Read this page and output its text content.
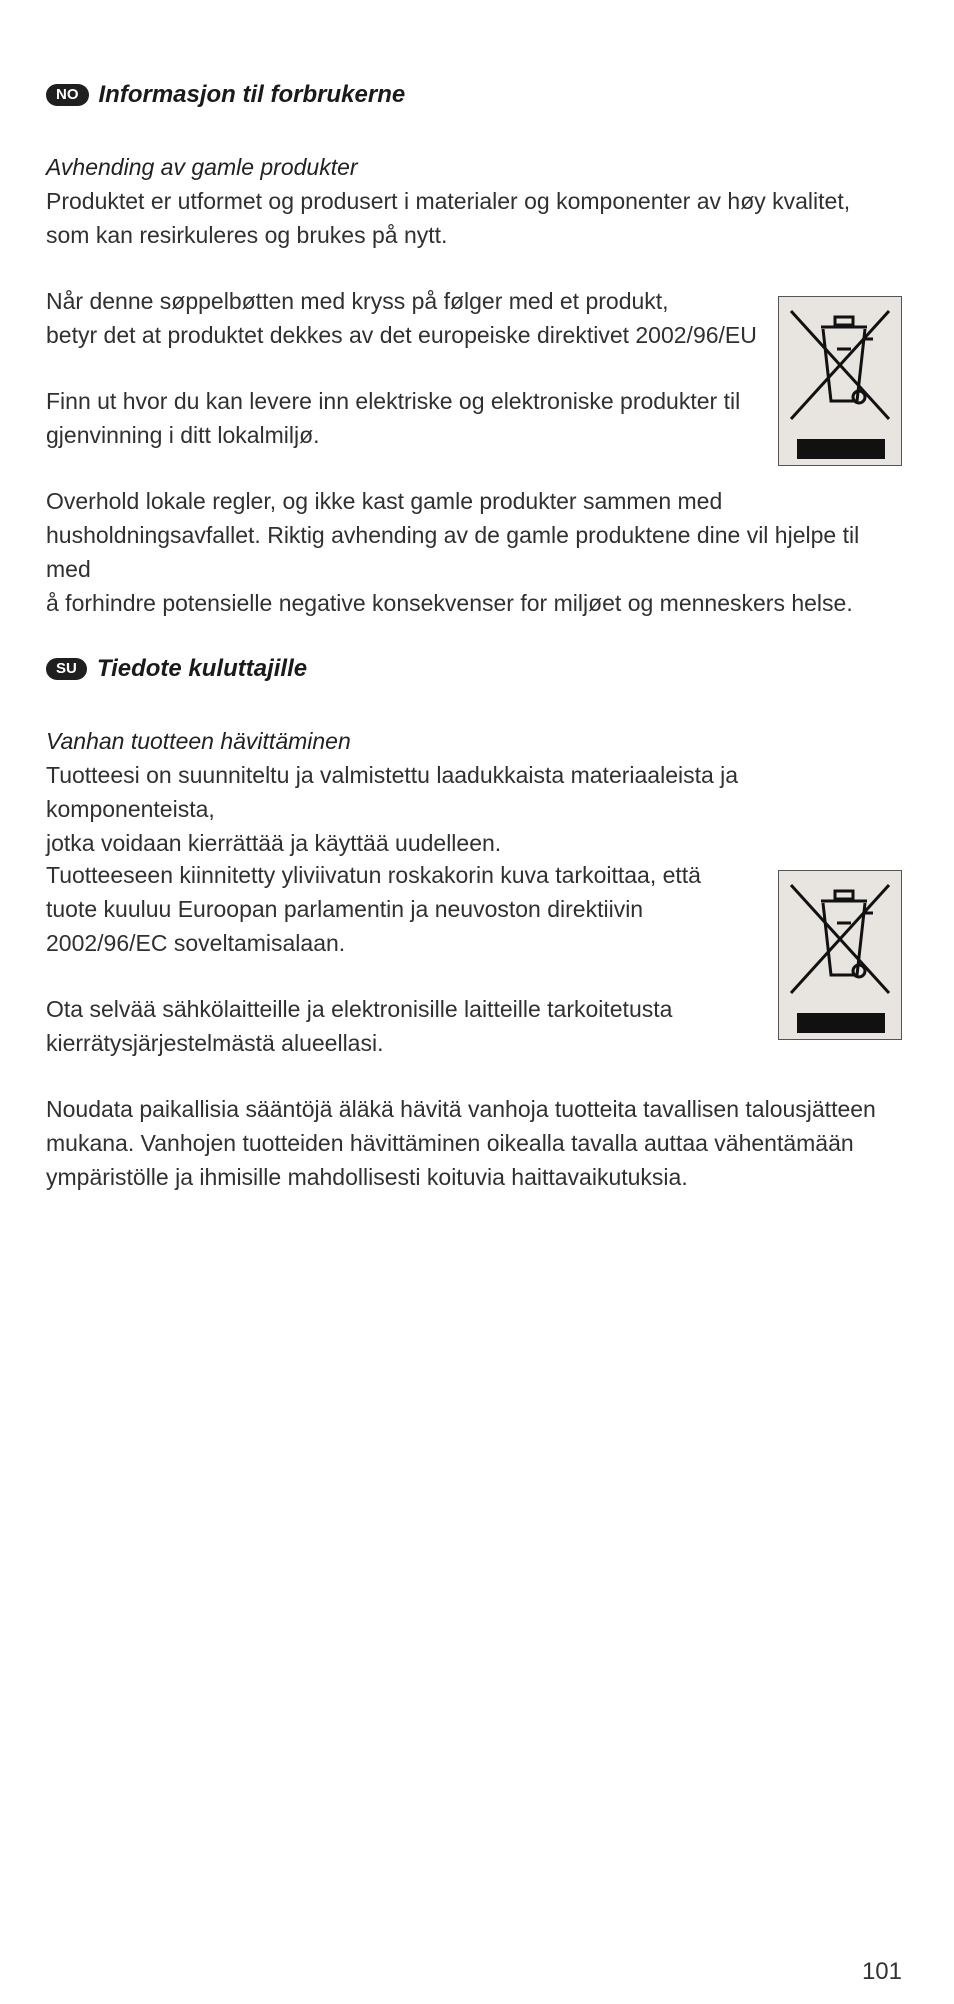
NO Informasjon til forbrukerne

Avhending av gamle produkter
Produktet er utformet og produsert i materialer og komponenter av høy kvalitet,
som kan resirkuleres og brukes på nytt.

Når denne søppelbøtten med kryss på følger med et produkt,
betyr det at produktet dekkes av det europeiske direktivet 2002/96/EU

Finn ut hvor du kan levere inn elektriske og elektroniske produkter til
gjenvinning i ditt lokalmiljø.

Overhold lokale regler, og ikke kast gamle produkter sammen med
husholdningsavfallet. Riktig avhending av de gamle produktene dine vil hjelpe til med
å forhindre potensielle negative konsekvenser for miljøet og menneskers helse.

SU Tiedote kuluttajille

Vanhan tuotteen hävittäminen
Tuotteesi on suunniteltu ja valmistettu laadukkaista materiaaleista ja komponenteista,
jotka voidaan kierrättää ja käyttää uudelleen.

Tuotteeseen kiinnitetty yliviivatun roskakorin kuva tarkoittaa, että
tuote kuuluu Euroopan parlamentin ja neuvoston direktiivin
2002/96/EC soveltamisalaan.

Ota selvää sähkölaitteille ja elektronisille laitteille tarkoitetusta
kierrätysjärjestelmästä alueellasi.

Noudata paikallisia sääntöjä äläkä hävitä vanhoja tuotteita tavallisen talousjätteen
mukana. Vanhojen tuotteiden hävittäminen oikealla tavalla auttaa vähentämään
ympäristölle ja ihmisille mahdollisesti koituvia haittavaikutuksia.

101
